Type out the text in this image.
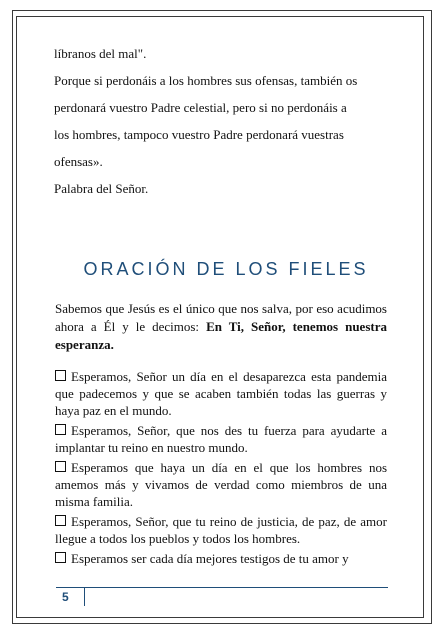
líbranos del mal".

Porque si perdonáis a los hombres sus ofensas, también os

perdonará vuestro Padre celestial, pero si no perdonáis a

los hombres, tampoco vuestro Padre perdonará vuestras

ofensas».

Palabra del Señor.

ORACIÓN DE LOS FIELES
Sabemos que Jesús es el único que nos salva, por eso acudimos ahora a Él y le decimos: En Ti, Señor, tenemos nuestra esperanza.

Esperamos, Señor un día en el desaparezca esta pandemia que padecemos y que se acaben también todas las guerras y haya paz en el mundo.

Esperamos, Señor, que nos des tu fuerza para ayudarte a implantar tu reino en nuestro mundo.

Esperamos que haya un día en el que los hombres nos amemos más y vivamos de verdad como miembros de una misma familia.

Esperamos, Señor, que tu reino de justicia, de paz, de amor llegue a todos los pueblos y todos los hombres.

Esperamos ser cada día mejores testigos de tu amor y

5
